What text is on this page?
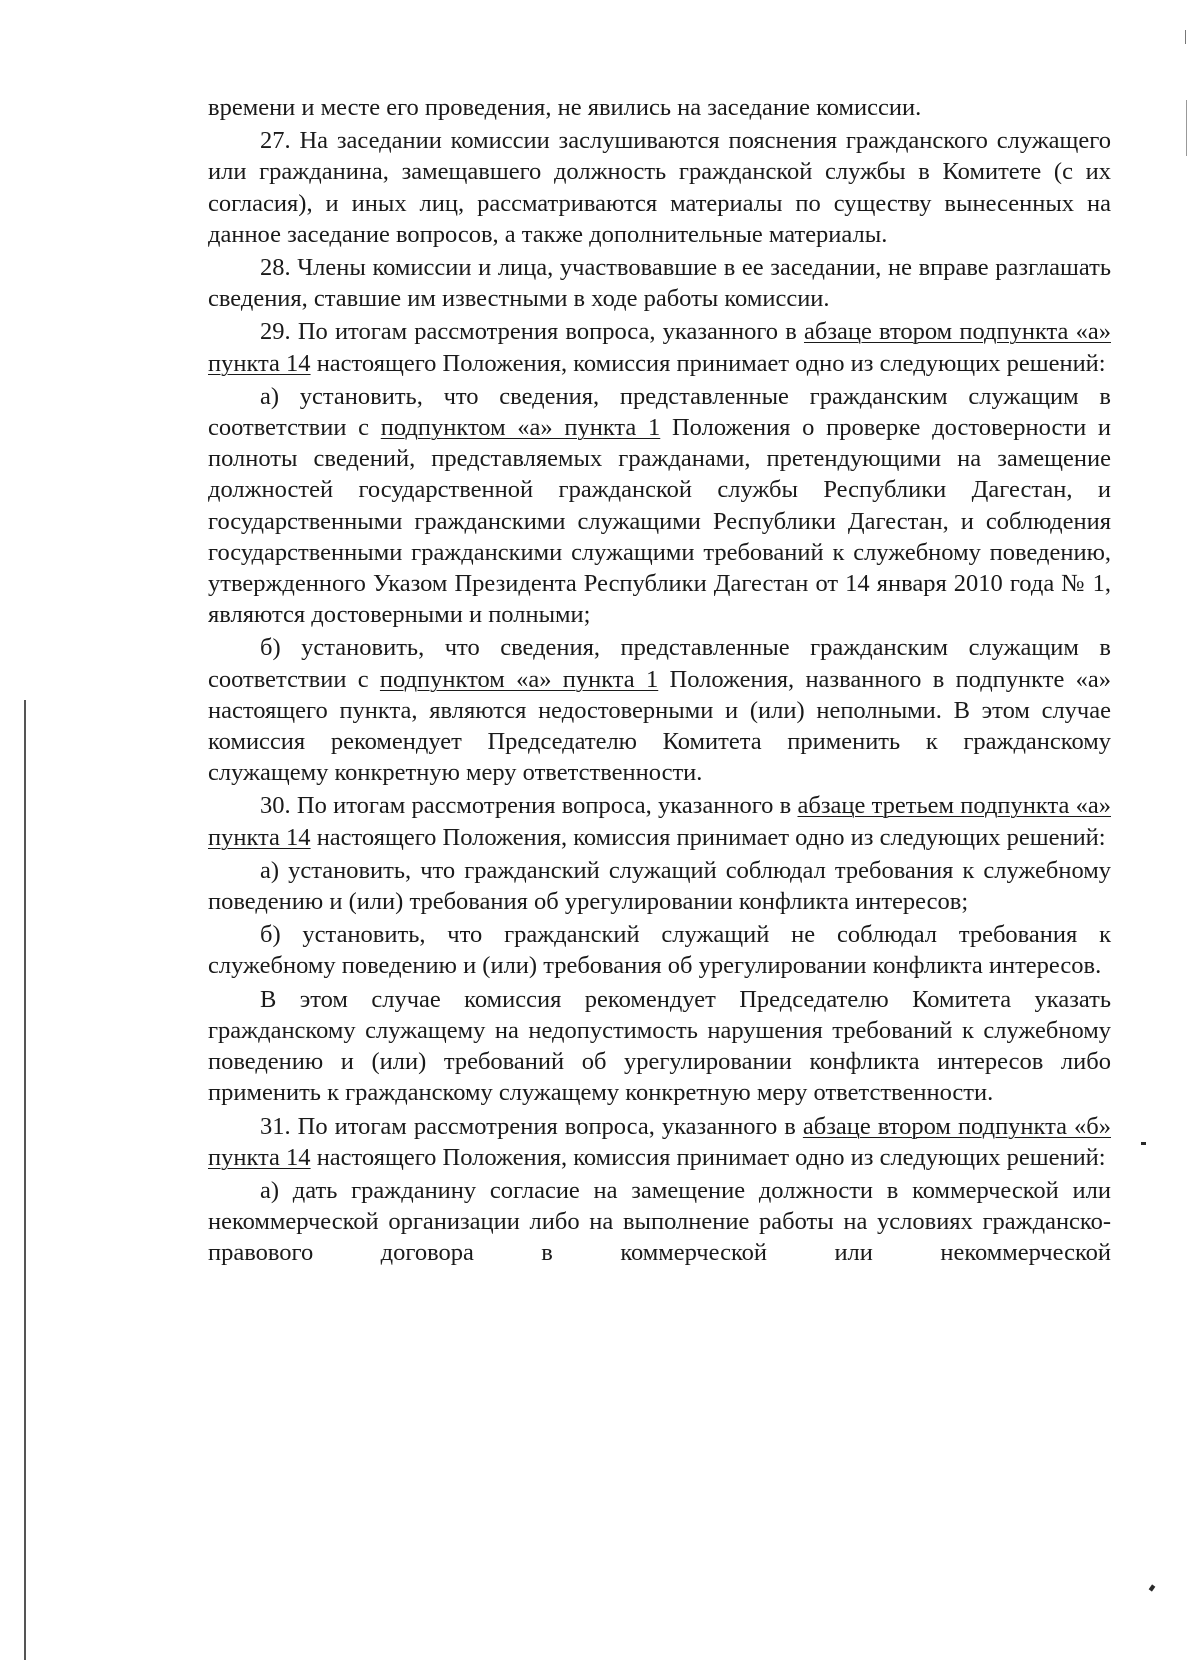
времени и месте его проведения, не явились на заседание комиссии.

27. На заседании комиссии заслушиваются пояснения гражданского служащего или гражданина, замещавшего должность гражданской службы в Комитете (с их согласия), и иных лиц, рассматриваются материалы по существу вынесенных на данное заседание вопросов, а также дополнительные материалы.

28. Члены комиссии и лица, участвовавшие в ее заседании, не вправе разглашать сведения, ставшие им известными в ходе работы комиссии.

29. По итогам рассмотрения вопроса, указанного в абзаце втором подпункта «а» пункта 14 настоящего Положения, комиссия принимает одно из следующих решений:

а) установить, что сведения, представленные гражданским служащим в соответствии с подпунктом «а» пункта 1 Положения о проверке достоверности и полноты сведений, представляемых гражданами, претендующими на замещение должностей государственной гражданской службы Республики Дагестан, и государственными гражданскими служащими Республики Дагестан, и соблюдения государственными гражданскими служащими требований к служебному поведению, утвержденного Указом Президента Республики Дагестан от 14 января 2010 года № 1, являются достоверными и полными;

б) установить, что сведения, представленные гражданским служащим в соответствии с подпунктом «а» пункта 1 Положения, названного в подпункте «а» настоящего пункта, являются недостоверными и (или) неполными. В этом случае комиссия рекомендует Председателю Комитета применить к гражданскому служащему конкретную меру ответственности.

30. По итогам рассмотрения вопроса, указанного в абзаце третьем подпункта «а» пункта 14 настоящего Положения, комиссия принимает одно из следующих решений:

а) установить, что гражданский служащий соблюдал требования к служебному поведению и (или) требования об урегулировании конфликта интересов;

б) установить, что гражданский служащий не соблюдал требования к служебному поведению и (или) требования об урегулировании конфликта интересов.

В этом случае комиссия рекомендует Председателю Комитета указать гражданскому служащему на недопустимость нарушения требований к служебному поведению и (или) требований об урегулировании конфликта интересов либо применить к гражданскому служащему конкретную меру ответственности.

31. По итогам рассмотрения вопроса, указанного в абзаце втором подпункта «б» пункта 14 настоящего Положения, комиссия принимает одно из следующих решений:

а) дать гражданину согласие на замещение должности в коммерческой или некоммерческой организации либо на выполнение работы на условиях гражданско-правового договора в коммерческой или некоммерческой
